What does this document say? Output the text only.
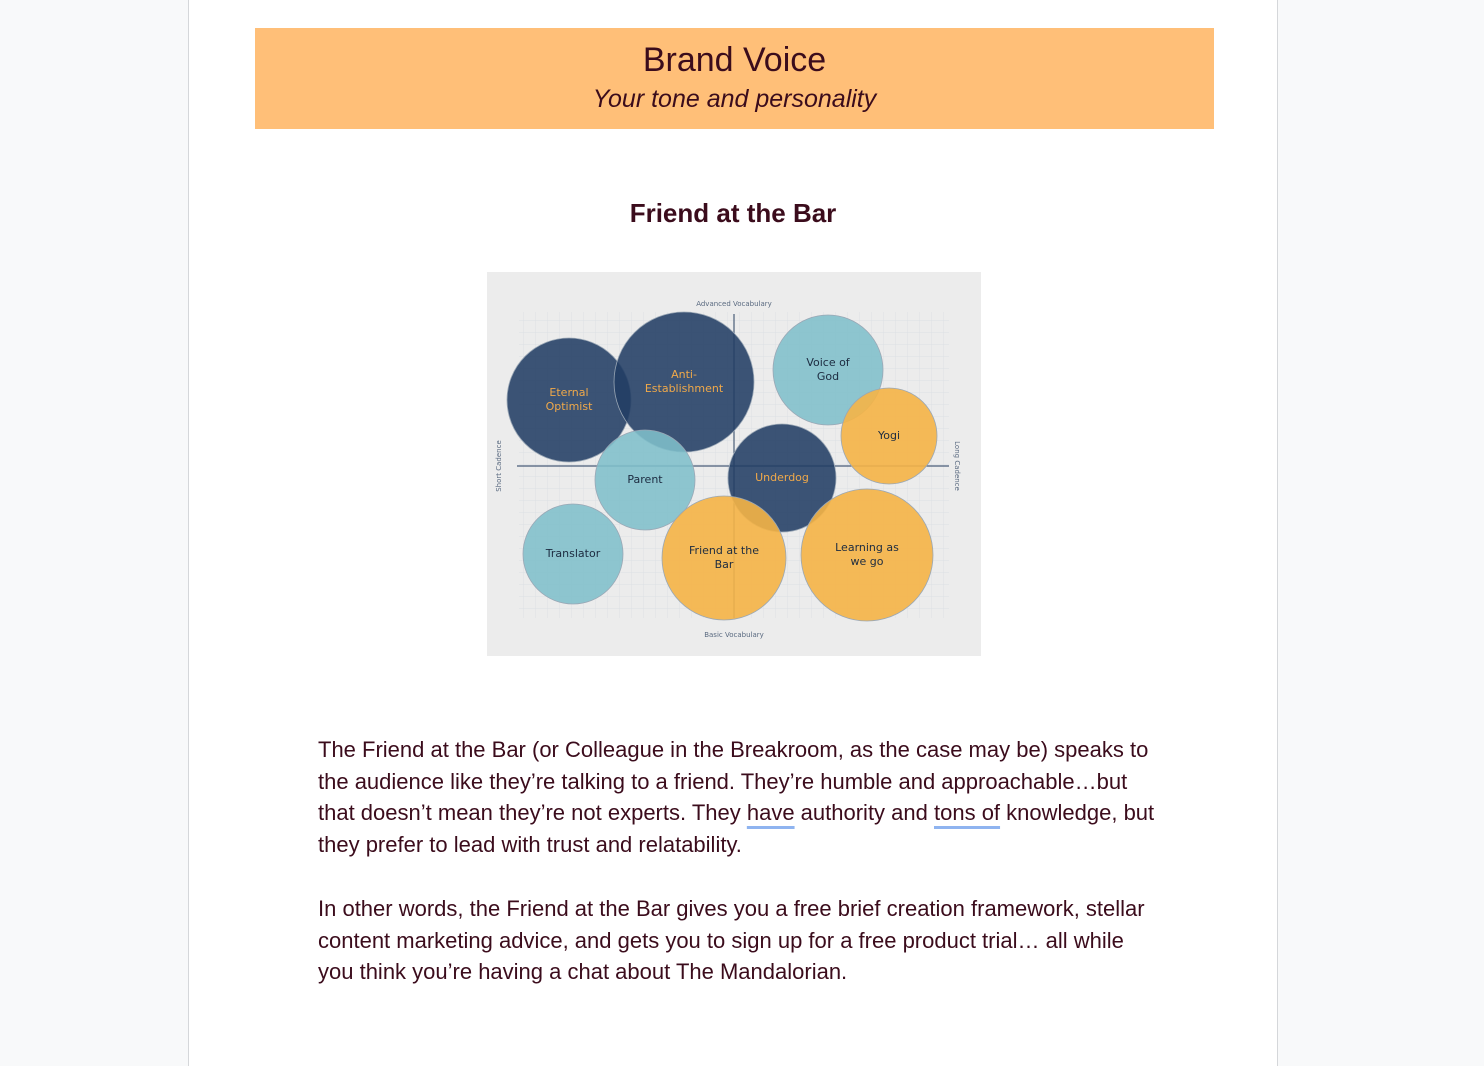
Brand Voice
Your tone and personality
Friend at the Bar
Eternal
Optimist
Anti-
Establishment
Voice of
God
Yogi
Parent	Underdog
Translator	Friend at the
Bar
Learning as
we go
Advanced Vocabulary
Basic Vocabulary
Short Cadence	Long Cadence
The Friend at the Bar (or Colleague in the Breakroom, as the case may be) speaks to the audience like they’re talking to a friend. They’re humble and approachable…but that doesn’t mean they’re not experts. They have authority and tons of knowledge, but they prefer to lead with trust and relatability.
In other words, the Friend at the Bar gives you a free brief creation framework, stellar content marketing advice, and gets you to sign up for a free product trial… all while you think you’re having a chat about The Mandalorian.
